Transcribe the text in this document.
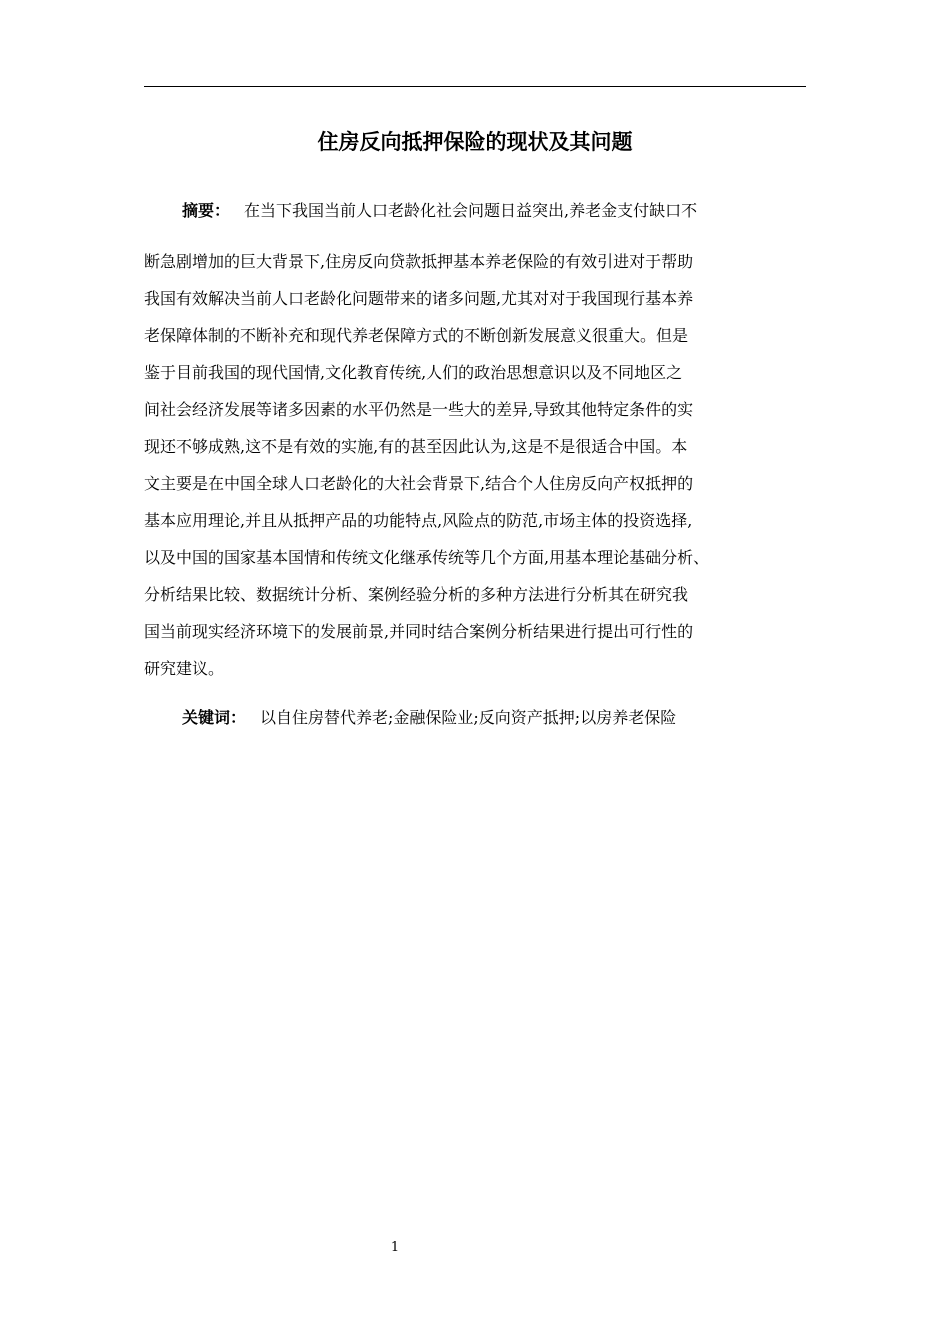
住房反向抵押保险的现状及其问题
摘要： 在当下我国当前人口老龄化社会问题日益突出,养老金支付缺口不
断急剧增加的巨大背景下,住房反向贷款抵押基本养老保险的有效引进对于帮助
我国有效解决当前人口老龄化问题带来的诸多问题,尤其对对于我国现行基本养
老保障体制的不断补充和现代养老保障方式的不断创新发展意义很重大。但是
鉴于目前我国的现代国情,文化教育传统,人们的政治思想意识以及不同地区之
间社会经济发展等诸多因素的水平仍然是一些大的差异,导致其他特定条件的实
现还不够成熟,这不是有效的实施,有的甚至因此认为,这是不是很适合中国。本
文主要是在中国全球人口老龄化的大社会背景下,结合个人住房反向产权抵押的
基本应用理论,并且从抵押产品的功能特点,风险点的防范,市场主体的投资选择,
以及中国的国家基本国情和传统文化继承传统等几个方面,用基本理论基础分析、
分析结果比较、数据统计分析、案例经验分析的多种方法进行分析其在研究我
国当前现实经济环境下的发展前景,并同时结合案例分析结果进行提出可行性的
研究建议。

关键词： 以自住房替代养老;金融保险业;反向资产抵押;以房养老保险

1
